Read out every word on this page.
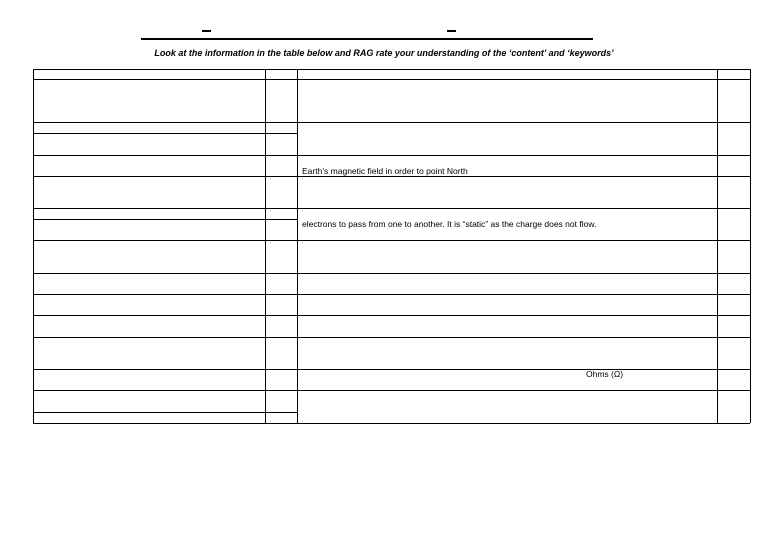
Look at the information in the table below and RAG rate your understanding of the ‘content’ and ‘keywords’
Earth’s magnetic field in order to point North
electrons to pass from one to another. It is “static” as the charge does not flow.
Ohms (Ω)
